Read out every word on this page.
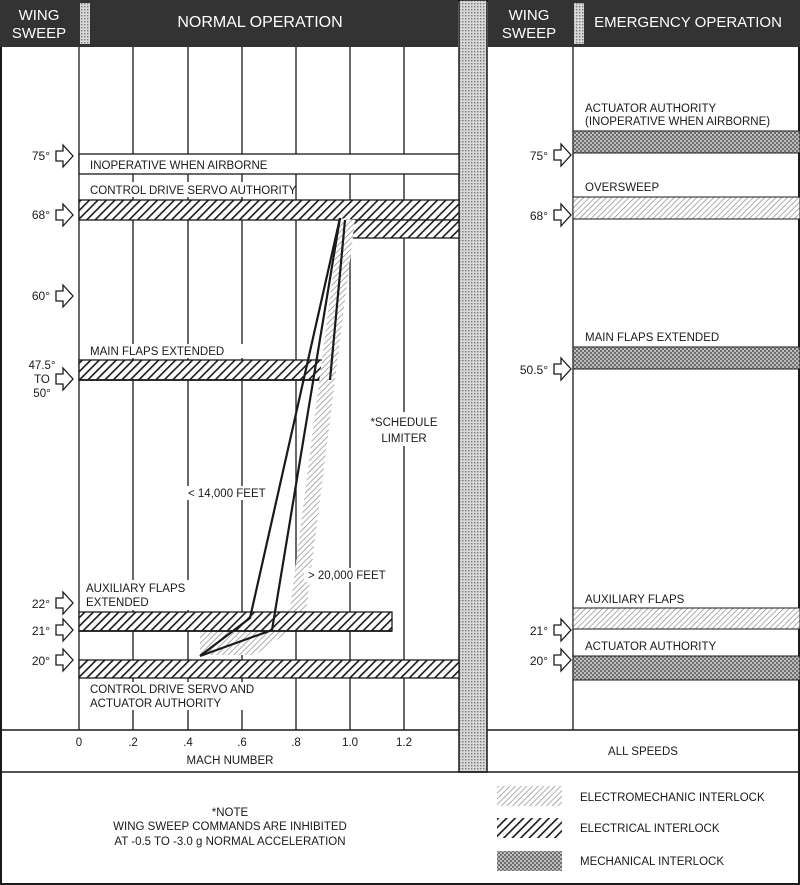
WING
SWEEP
NORMAL OPERATION	WING
SWEEP
EMERGENCY OPERATION
INOPERATIVE WHEN AIRBORNE
CONTROL DRIVE SERVO AUTHORITY
MAIN FLAPS EXTENDED
*SCHEDULE
LIMITER
< 14,000 FEET
> 20,000 FEET
AUXILIARY FLAPS
EXTENDED
CONTROL DRIVE SERVO AND
ACTUATOR AUTHORITY
75°
68°
60°
47.5°
TO
50°
22°
21°
20°
ACTUATOR AUTHORITY
(INOPERATIVE WHEN AIRBORNE)
OVERSWEEP
MAIN FLAPS EXTENDED
AUXILIARY FLAPS
ACTUATOR AUTHORITY
75°
68°
50.5°
21°
20°
0	.2	.4	.6	.8	1.0	1.2
MACH NUMBER
ALL SPEEDS
*NOTE
WING SWEEP COMMANDS ARE INHIBITED
AT -0.5 TO -3.0 g NORMAL ACCELERATION
ELECTROMECHANIC INTERLOCK
ELECTRICAL INTERLOCK
MECHANICAL INTERLOCK
